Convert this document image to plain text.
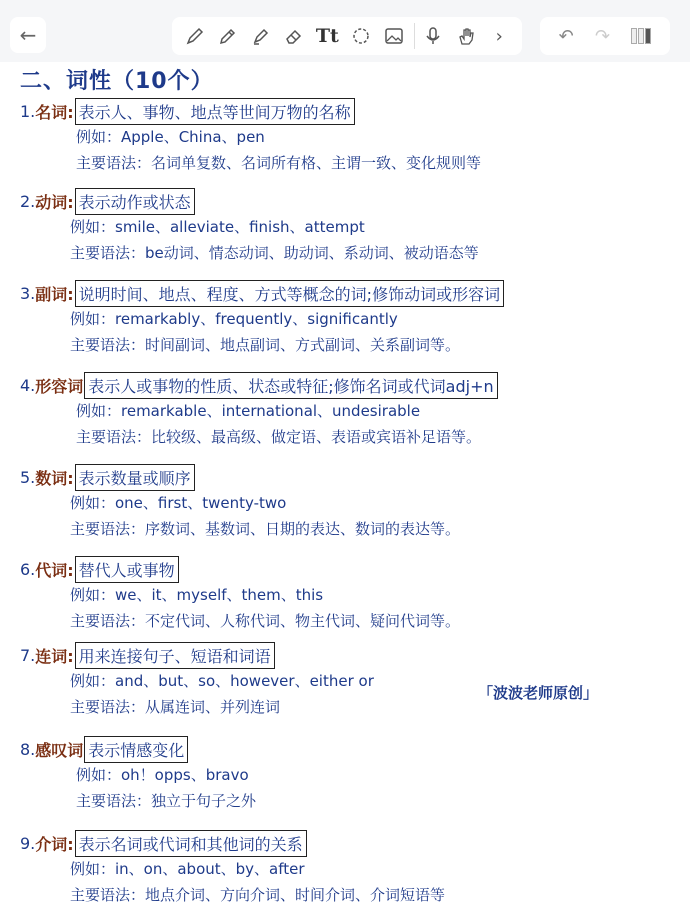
←	Tt	›	↶ ↷
二、词性（10个）
1. 名词: 表示人、事物、地点等世间万物的名称
例如：Apple、China、pen
主要语法：名词单复数、名词所有格、主谓一致、变化规则等
2. 动词: 表示动作或状态
例如：smile、alleviate、finish、attempt
主要语法：be动词、情态动词、助动词、系动词、被动语态等
3. 副词: 说明时间、地点、程度、方式等概念的词;修饰动词或形容词
例如：remarkably、frequently、significantly
主要语法：时间副词、地点副词、方式副词、关系副词等。
4. 形容词 表示人或事物的性质、状态或特征;修饰名词或代词adj+n
例如：remarkable、international、undesirable
主要语法：比较级、最高级、做定语、表语或宾语补足语等。
5. 数词: 表示数量或顺序
例如：one、first、twenty-two
主要语法：序数词、基数词、日期的表达、数词的表达等。
6. 代词: 替代人或事物
例如：we、it、myself、them、this
主要语法：不定代词、人称代词、物主代词、疑问代词等。
7. 连词: 用来连接句子、短语和词语
例如：and、but、so、however、either or
主要语法：从属连词、并列连词
8. 感叹词 表示情感变化
例如：oh！opps、bravo
主要语法：独立于句子之外
9. 介词: 表示名词或代词和其他词的关系
例如：in、on、about、by、after
主要语法：地点介词、方向介词、时间介词、介词短语等
「波波老师原创」
